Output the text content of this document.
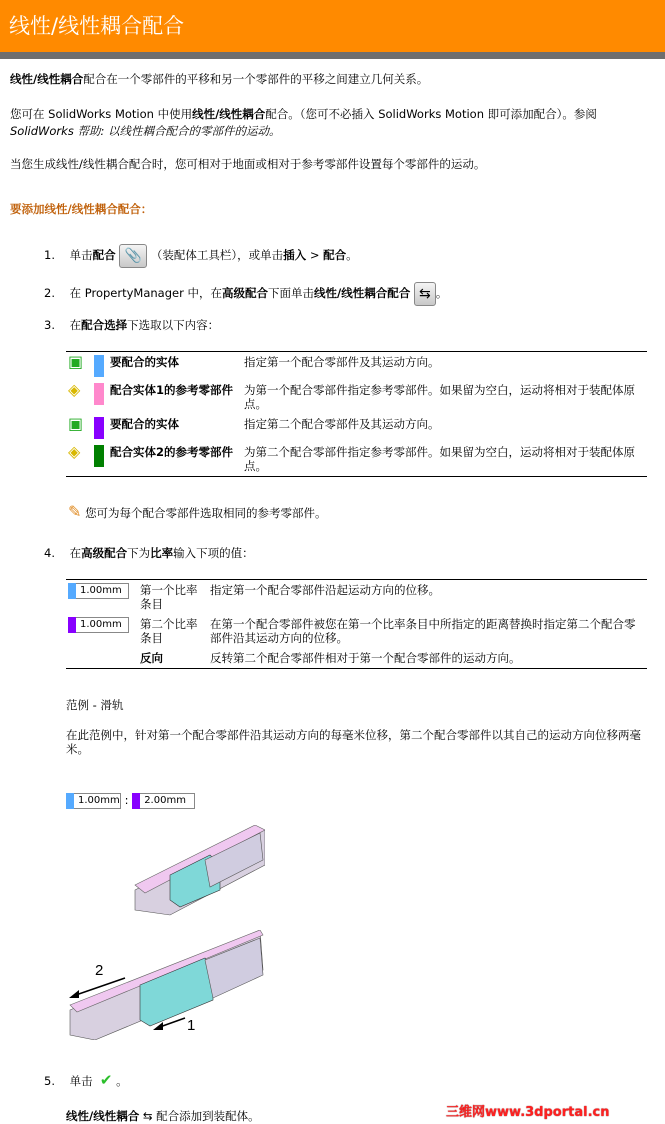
线性/线性耦合配合
线性/线性耦合配合在一个零部件的平移和另一个零部件的平移之间建立几何关系。
您可在 SolidWorks Motion 中使用线性/线性耦合配合。（您可不必插入 SolidWorks Motion 即可添加配合）。参阅
SolidWorks 帮助: 以线性耦合配合的零部件的运动。
当您生成线性/线性耦合配合时，您可相对于地面或相对于参考零部件设置每个零部件的运动。
要添加线性/线性耦合配合：
1. 单击配合 📎 （装配体工具栏），或单击插入 > 配合。
2. 在 PropertyManager 中，在高级配合下面单击线性/线性耦合配合 ⇆ 。
3. 在配合选择下选取以下内容：
▣		要配合的实体	指定第一个配合零部件及其运动方向。
◈		配合实体1的参考零部件	为第一个配合零部件指定参考零部件。如果留为空白，运动将相对于装配体原点。
▣		要配合的实体	指定第二个配合零部件及其运动方向。
◈		配合实体2的参考零部件	为第二个配合零部件指定参考零部件。如果留为空白，运动将相对于装配体原点。
✎ 您可为每个配合零部件选取相同的参考零部件。
4. 在高级配合下为比率输入下项的值：
1.00mm	第一个比率条目	指定第一个配合零部件沿起运动方向的位移。
1.00mm	第二个比率条目	在第一个配合零部件被您在第一个比率条目中所指定的距离替换时指定第二个配合零部件沿其运动方向的位移。
	反向	反转第二个配合零部件相对于第一个配合零部件的运动方向。
范例 - 滑轨
在此范例中，针对第一个配合零部件沿其运动方向的每毫米位移，第二个配合零部件以其自己的运动方向位移两毫米。
1.00mm : 2.00mm
2
1
5. 单击 ✔ 。
线性/线性耦合 ⇆ 配合添加到装配体。	三维网www.3dportal.cn
